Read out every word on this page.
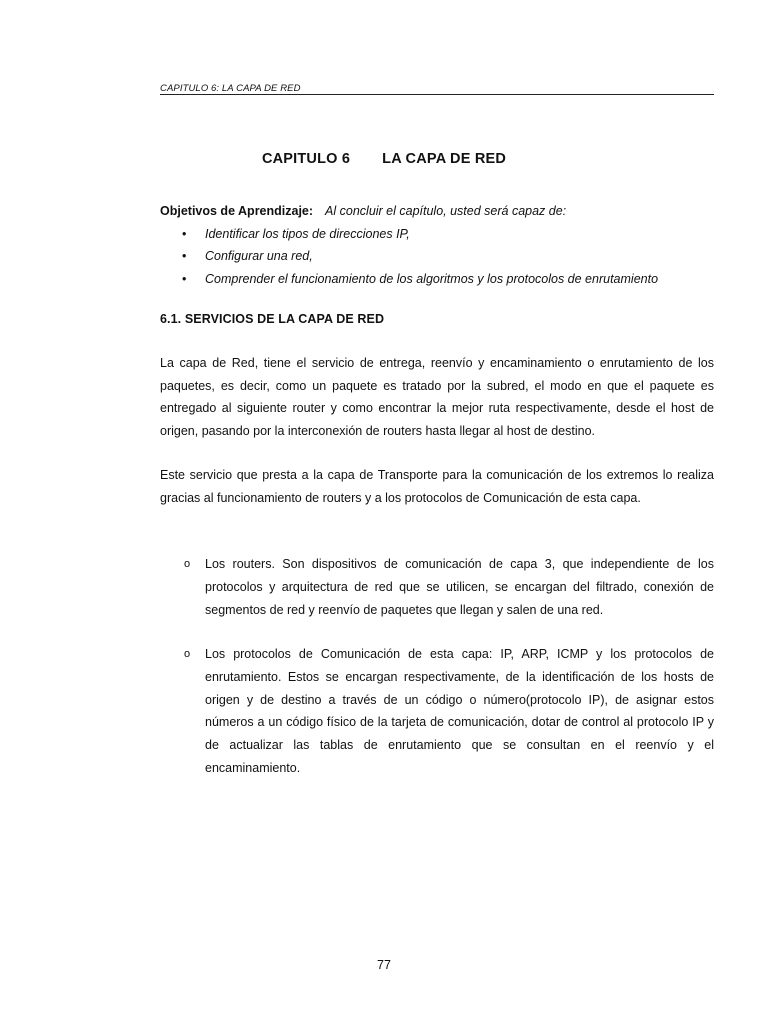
CAPITULO 6: LA CAPA DE RED
CAPITULO 6 LA CAPA DE RED
Objetivos de Aprendizaje: Al concluir el capítulo, usted será capaz de:
• Identificar los tipos de direcciones IP,
• Configurar una red,
• Comprender el funcionamiento de los algoritmos y los protocolos de enrutamiento
6.1. SERVICIOS DE LA CAPA DE RED
La capa de Red, tiene el servicio de entrega, reenvío y encaminamiento o enrutamiento de los paquetes, es decir, como un paquete es tratado por la subred, el modo en que el paquete es entregado al siguiente router y como encontrar la mejor ruta respectivamente, desde el host de origen, pasando por la interconexión de routers hasta llegar al host de destino.
Este servicio que presta a la capa de Transporte para la comunicación de los extremos lo realiza gracias al funcionamiento de routers y a los protocolos de Comunicación de esta capa.
o Los routers. Son dispositivos de comunicación de capa 3, que independiente de los protocolos y arquitectura de red que se utilicen, se encargan del filtrado, conexión de segmentos de red y reenvío de paquetes que llegan y salen de una red.
o Los protocolos de Comunicación de esta capa: IP, ARP, ICMP y los protocolos de enrutamiento. Estos se encargan respectivamente, de la identificación de los hosts de origen y de destino a través de un código o número(protocolo IP), de asignar estos números a un código físico de la tarjeta de comunicación, dotar de control al protocolo IP y de actualizar las tablas de enrutamiento que se consultan en el reenvío y el encaminamiento.
77
